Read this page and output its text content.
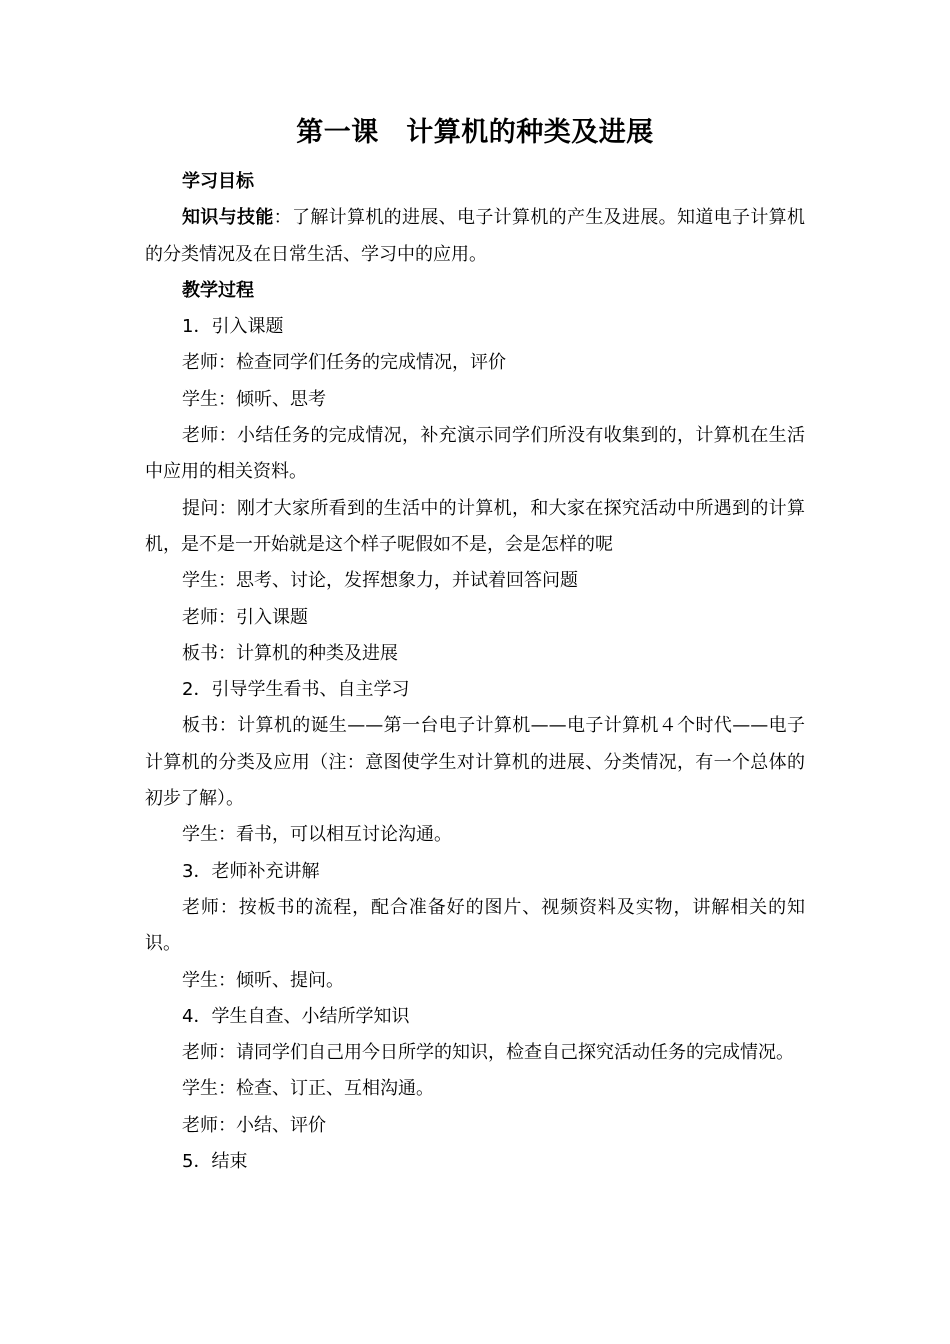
第一课　计算机的种类及进展

学习目标

知识与技能：了解计算机的进展、电子计算机的产生及进展。知道电子计算机的分类情况及在日常生活、学习中的应用。

教学过程

1．引入课题

老师：检查同学们任务的完成情况，评价

学生：倾听、思考

老师：小结任务的完成情况，补充演示同学们所没有收集到的，计算机在生活中应用的相关资料。

提问：刚才大家所看到的生活中的计算机，和大家在探究活动中所遇到的计算机，是不是一开始就是这个样子呢假如不是，会是怎样的呢

学生：思考、讨论，发挥想象力，并试着回答问题

老师：引入课题

板书：计算机的种类及进展

2．引导学生看书、自主学习

板书：计算机的诞生——第一台电子计算机——电子计算机４个时代——电子计算机的分类及应用（注：意图使学生对计算机的进展、分类情况，有一个总体的初步了解）。

学生：看书，可以相互讨论沟通。

3．老师补充讲解

老师：按板书的流程，配合准备好的图片、视频资料及实物，讲解相关的知识。

学生：倾听、提问。

4．学生自查、小结所学知识

老师：请同学们自己用今日所学的知识，检查自己探究活动任务的完成情况。

学生：检查、订正、互相沟通。

老师：小结、评价

5．结束
